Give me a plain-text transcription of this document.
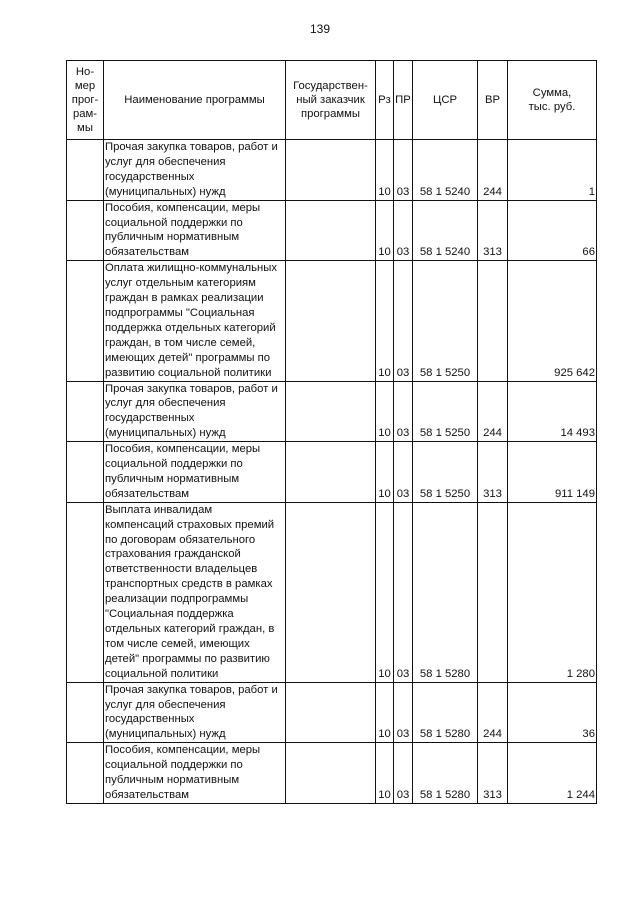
139
Но-
мер
прог-
рам-
мы	Наименование программы	Государствен-
ный заказчик
программы	Рз	ПР	ЦСР	ВР	Сумма,
тыс. руб.
	Прочая закупка товаров, работ и услуг для обеспечения государственных (муниципальных) нужд		10	03	58 1 5240	244	1
	Пособия, компенсации, меры социальной поддержки по публичным нормативным обязательствам		10	03	58 1 5240	313	66
	Оплата жилищно-коммунальных услуг отдельным категориям граждан в рамках реализации подпрограммы "Социальная поддержка отдельных категорий граждан, в том числе семей, имеющих детей" программы по развитию социальной политики		10	03	58 1 5250		925 642
	Прочая закупка товаров, работ и услуг для обеспечения государственных (муниципальных) нужд		10	03	58 1 5250	244	14 493
	Пособия, компенсации, меры социальной поддержки по публичным нормативным обязательствам		10	03	58 1 5250	313	911 149
	Выплата инвалидам компенсаций страховых премий по договорам обязательного страхования гражданской ответственности владельцев транспортных средств в рамках реализации подпрограммы "Социальная поддержка отдельных категорий граждан, в том числе семей, имеющих детей" программы по развитию социальной политики		10	03	58 1 5280		1 280
	Прочая закупка товаров, работ и услуг для обеспечения государственных (муниципальных) нужд		10	03	58 1 5280	244	36
	Пособия, компенсации, меры социальной поддержки по публичным нормативным обязательствам		10	03	58 1 5280	313	1 244
